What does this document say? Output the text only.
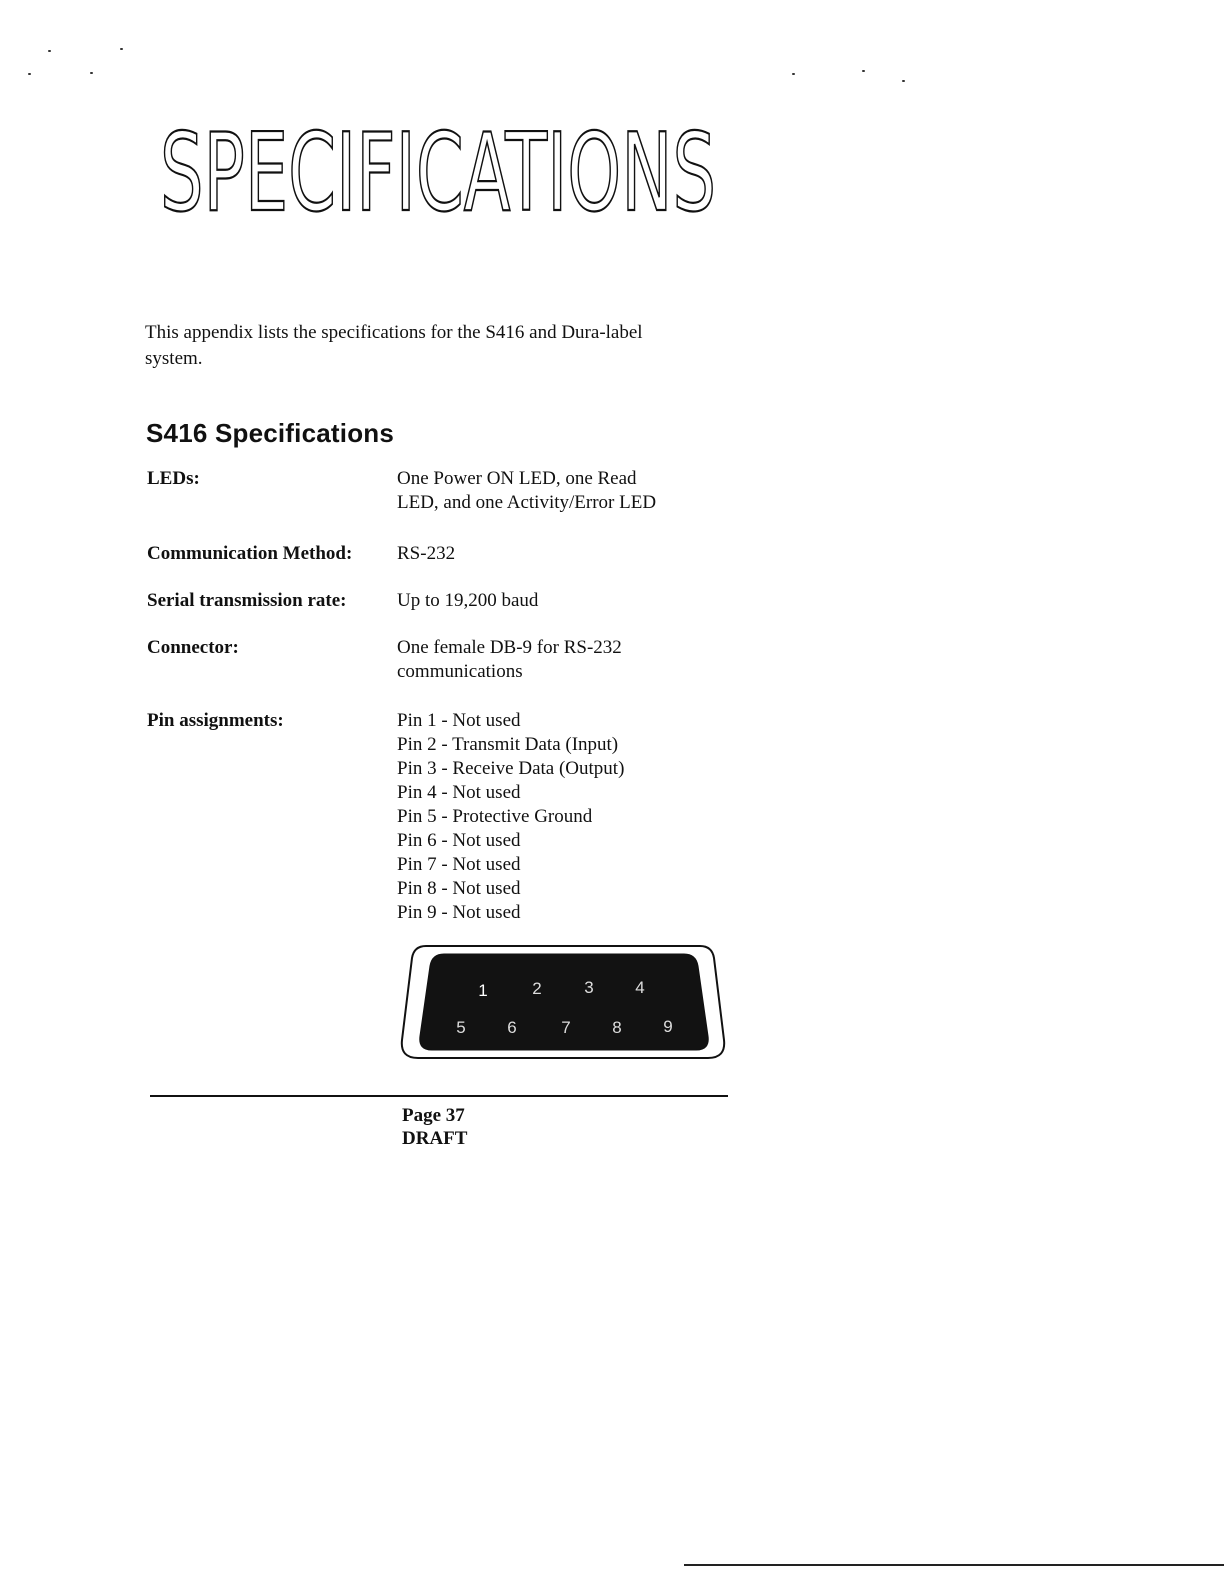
SPECIFICATIONS
This appendix lists the specifications for the S416 and Dura-label
system.
S416 Specifications
LEDs:	One Power ON LED, one Read
LED, and one Activity/Error LED
Communication Method:	RS-232
Serial transmission rate:	Up to 19,200 baud
Connector:	One female DB-9 for RS-232
communications
Pin assignments:	Pin 1 - Not used
Pin 2 - Transmit Data (Input)
Pin 3 - Receive Data (Output)
Pin 4 - Not used
Pin 5 - Protective Ground
Pin 6 - Not used
Pin 7 - Not used
Pin 8 - Not used
Pin 9 - Not used
1	2	3 4
5 6	7 8 9
Page 37
DRAFT
